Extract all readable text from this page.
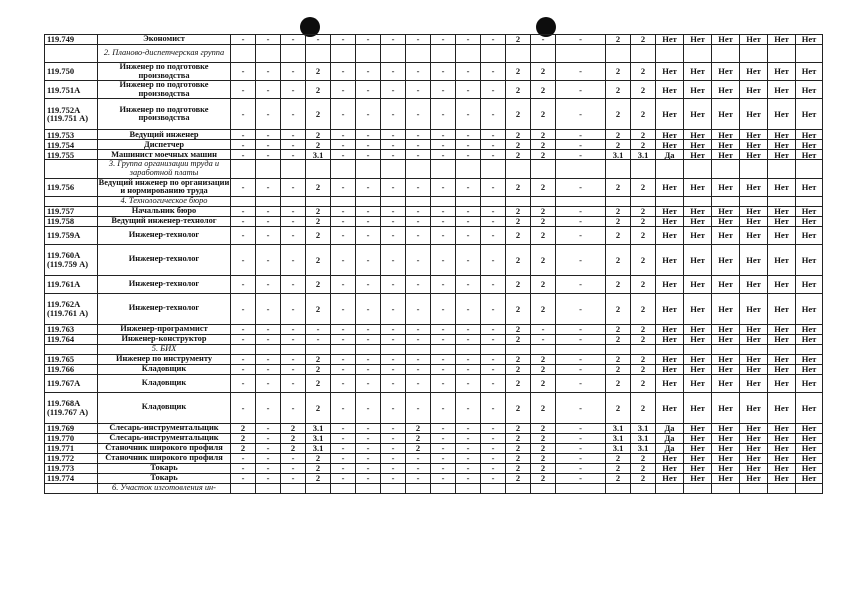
119.749	Экономист	-	-	-	-	-	-	-	-	-	-	-	2	-	-	2	2	Нет	Нет	Нет	Нет	Нет	Нет
	2. Планово-диспетчерская группа																						
119.750	Инженер по подготовке производства	-	-	-	2	-	-	-	-	-	-	-	2	2	-	2	2	Нет	Нет	Нет	Нет	Нет	Нет
119.751А	Инженер по подготовке производства	-	-	-	2	-	-	-	-	-	-	-	2	2	-	2	2	Нет	Нет	Нет	Нет	Нет	Нет
119.752А (119.751 А)	Инженер по подготовке производства	-	-	-	2	-	-	-	-	-	-	-	2	2	-	2	2	Нет	Нет	Нет	Нет	Нет	Нет
119.753	Ведущий инженер	-	-	-	2	-	-	-	-	-	-	-	2	2	-	2	2	Нет	Нет	Нет	Нет	Нет	Нет
119.754	Диспетчер	-	-	-	2	-	-	-	-	-	-	-	2	2	-	2	2	Нет	Нет	Нет	Нет	Нет	Нет
119.755	Машинист моечных машин	-	-	-	3.1	-	-	-	-	-	-	-	2	2	-	3.1	3.1	Да	Нет	Нет	Нет	Нет	Нет
	3. Группа организации труда и заработной платы																						
119.756	Ведущий инженер по организации и нормированию труда	-	-	-	2	-	-	-	-	-	-	-	2	2	-	2	2	Нет	Нет	Нет	Нет	Нет	Нет
	4. Технологическое бюро																						
119.757	Начальник бюро	-	-	-	2	-	-	-	-	-	-	-	2	2	-	2	2	Нет	Нет	Нет	Нет	Нет	Нет
119.758	Ведущий инженер-технолог	-	-	-	2	-	-	-	-	-	-	-	2	2	-	2	2	Нет	Нет	Нет	Нет	Нет	Нет
119.759А	Инженер-технолог	-	-	-	2	-	-	-	-	-	-	-	2	2	-	2	2	Нет	Нет	Нет	Нет	Нет	Нет
119.760А (119.759 А)	Инженер-технолог	-	-	-	2	-	-	-	-	-	-	-	2	2	-	2	2	Нет	Нет	Нет	Нет	Нет	Нет
119.761А	Инженер-технолог	-	-	-	2	-	-	-	-	-	-	-	2	2	-	2	2	Нет	Нет	Нет	Нет	Нет	Нет
119.762А (119.761 А)	Инженер-технолог	-	-	-	2	-	-	-	-	-	-	-	2	2	-	2	2	Нет	Нет	Нет	Нет	Нет	Нет
119.763	Инженер-программист	-	-	-	-	-	-	-	-	-	-	-	2	-	-	2	2	Нет	Нет	Нет	Нет	Нет	Нет
119.764	Инженер-конструктор	-	-	-	-	-	-	-	-	-	-	-	2	-	-	2	2	Нет	Нет	Нет	Нет	Нет	Нет
	5. БИХ																						
119.765	Инженер по инструменту	-	-	-	2	-	-	-	-	-	-	-	2	2	-	2	2	Нет	Нет	Нет	Нет	Нет	Нет
119.766	Кладовщик	-	-	-	2	-	-	-	-	-	-	-	2	2	-	2	2	Нет	Нет	Нет	Нет	Нет	Нет
119.767А	Кладовщик	-	-	-	2	-	-	-	-	-	-	-	2	2	-	2	2	Нет	Нет	Нет	Нет	Нет	Нет
119.768А (119.767 А)	Кладовщик	-	-	-	2	-	-	-	-	-	-	-	2	2	-	2	2	Нет	Нет	Нет	Нет	Нет	Нет
119.769	Слесарь-инструментальщик	2	-	2	3.1	-	-	-	2	-	-	-	2	2	-	3.1	3.1	Да	Нет	Нет	Нет	Нет	Нет
119.770	Слесарь-инструментальщик	2	-	2	3.1	-	-	-	2	-	-	-	2	2	-	3.1	3.1	Да	Нет	Нет	Нет	Нет	Нет
119.771	Станочник широкого профиля	2	-	2	3.1	-	-	-	2	-	-	-	2	2	-	3.1	3.1	Да	Нет	Нет	Нет	Нет	Нет
119.772	Станочник широкого профиля	-	-	-	2	-	-	-	-	-	-	-	2	2	-	2	2	Нет	Нет	Нет	Нет	Нет	Нет
119.773	Токарь	-	-	-	2	-	-	-	-	-	-	-	2	2	-	2	2	Нет	Нет	Нет	Нет	Нет	Нет
119.774	Токарь	-	-	-	2	-	-	-	-	-	-	-	2	2	-	2	2	Нет	Нет	Нет	Нет	Нет	Нет
	6. Участок изготовления ин-																						
